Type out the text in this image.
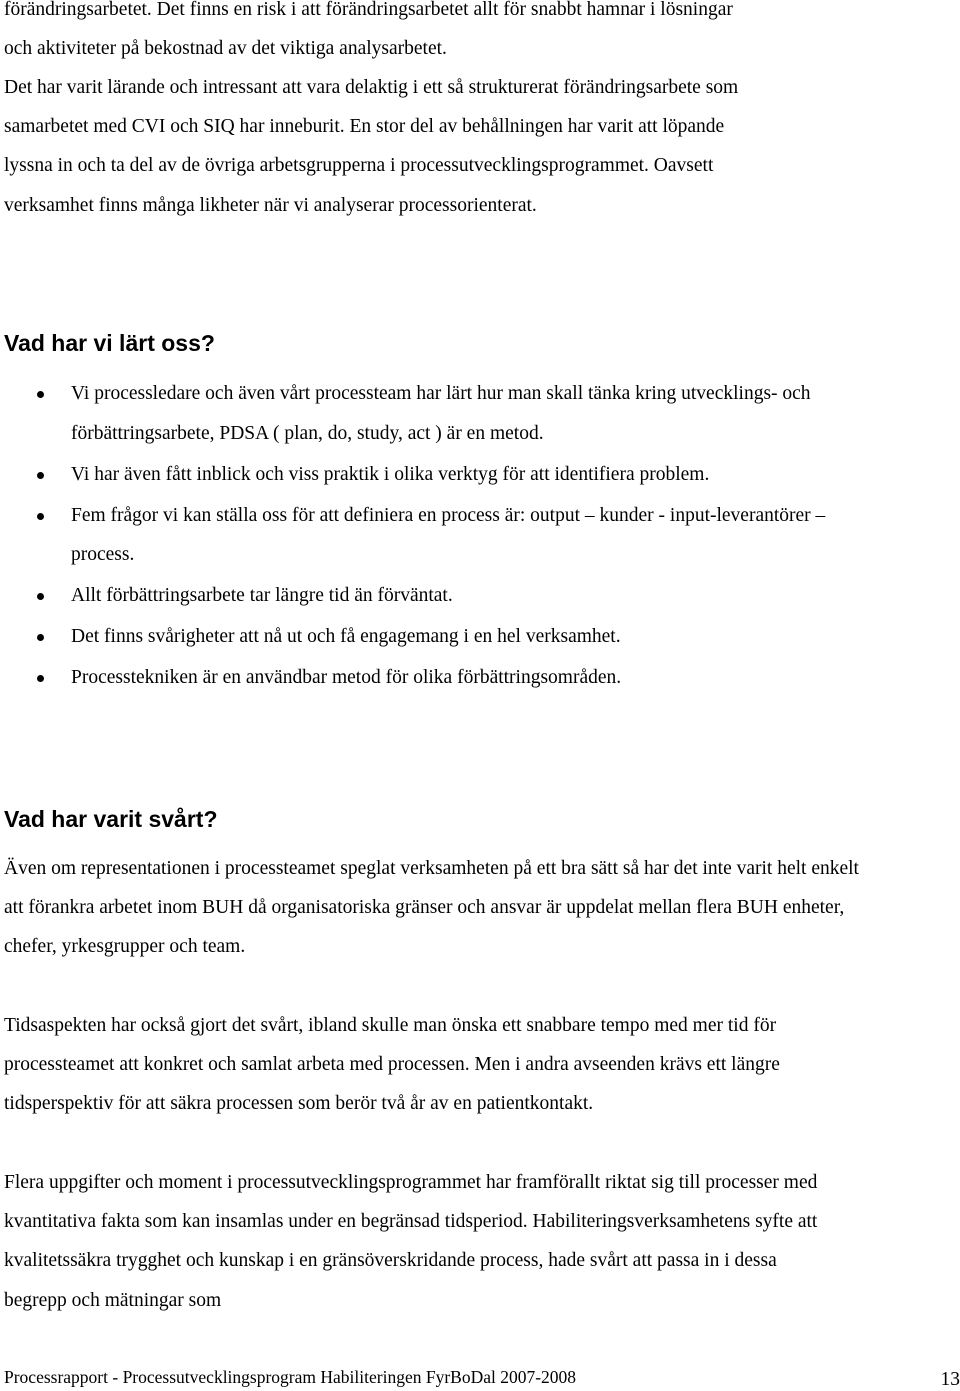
förändringsarbetet. Det finns en risk i att förändringsarbetet allt för snabbt hamnar i lösningar
och aktiviteter på bekostnad av det viktiga analysarbetet.

Det har varit lärande och intressant att vara delaktig i ett så strukturerat förändringsarbete som
samarbetet med CVI och SIQ har inneburit. En stor del av behållningen har varit att löpande
lyssna in och ta del av de övriga arbetsgrupperna i processutvecklingsprogrammet. Oavsett
verksamhet finns många likheter när vi analyserar processorienterat.

Vad har vi lärt oss?
Vi processledare och även vårt processteam har lärt hur man skall tänka kring utvecklings- och förbättringsarbete, PDSA ( plan, do, study, act ) är en metod.
Vi har även fått inblick och viss praktik i olika verktyg för att identifiera problem.
Fem frågor vi kan ställa oss för att definiera en process är: output – kunder - input-leverantörer – process.
Allt förbättringsarbete tar längre tid än förväntat.
Det finns svårigheter att nå ut och få engagemang i en hel verksamhet.
Processtekniken är en användbar metod för olika förbättringsområden.
Vad har varit svårt?

Även om representationen i processteamet speglat verksamheten på ett bra sätt så har det inte varit helt enkelt att förankra arbetet inom BUH då organisatoriska gränser och ansvar är uppdelat mellan flera BUH enheter, chefer, yrkesgrupper och team.

Tidsaspekten har också gjort det svårt, ibland skulle man önska ett snabbare tempo med mer tid för processteamet att konkret och samlat arbeta med processen. Men i andra avseenden krävs ett längre tidsperspektiv för att säkra processen som berör två år av en patientkontakt.

Flera uppgifter och moment i processutvecklingsprogrammet har framförallt riktat sig till processer med kvantitativa fakta som kan insamlas under en begränsad tidsperiod. Habiliteringsverksamhetens syfte att kvalitetssäkra trygghet och kunskap i en gränsöverskridande process, hade svårt att passa in i dessa begrepp och mätningar som

Processrapport - Processutvecklingsprogram Habiliteringen FyrBoDal 2007-2008	13
